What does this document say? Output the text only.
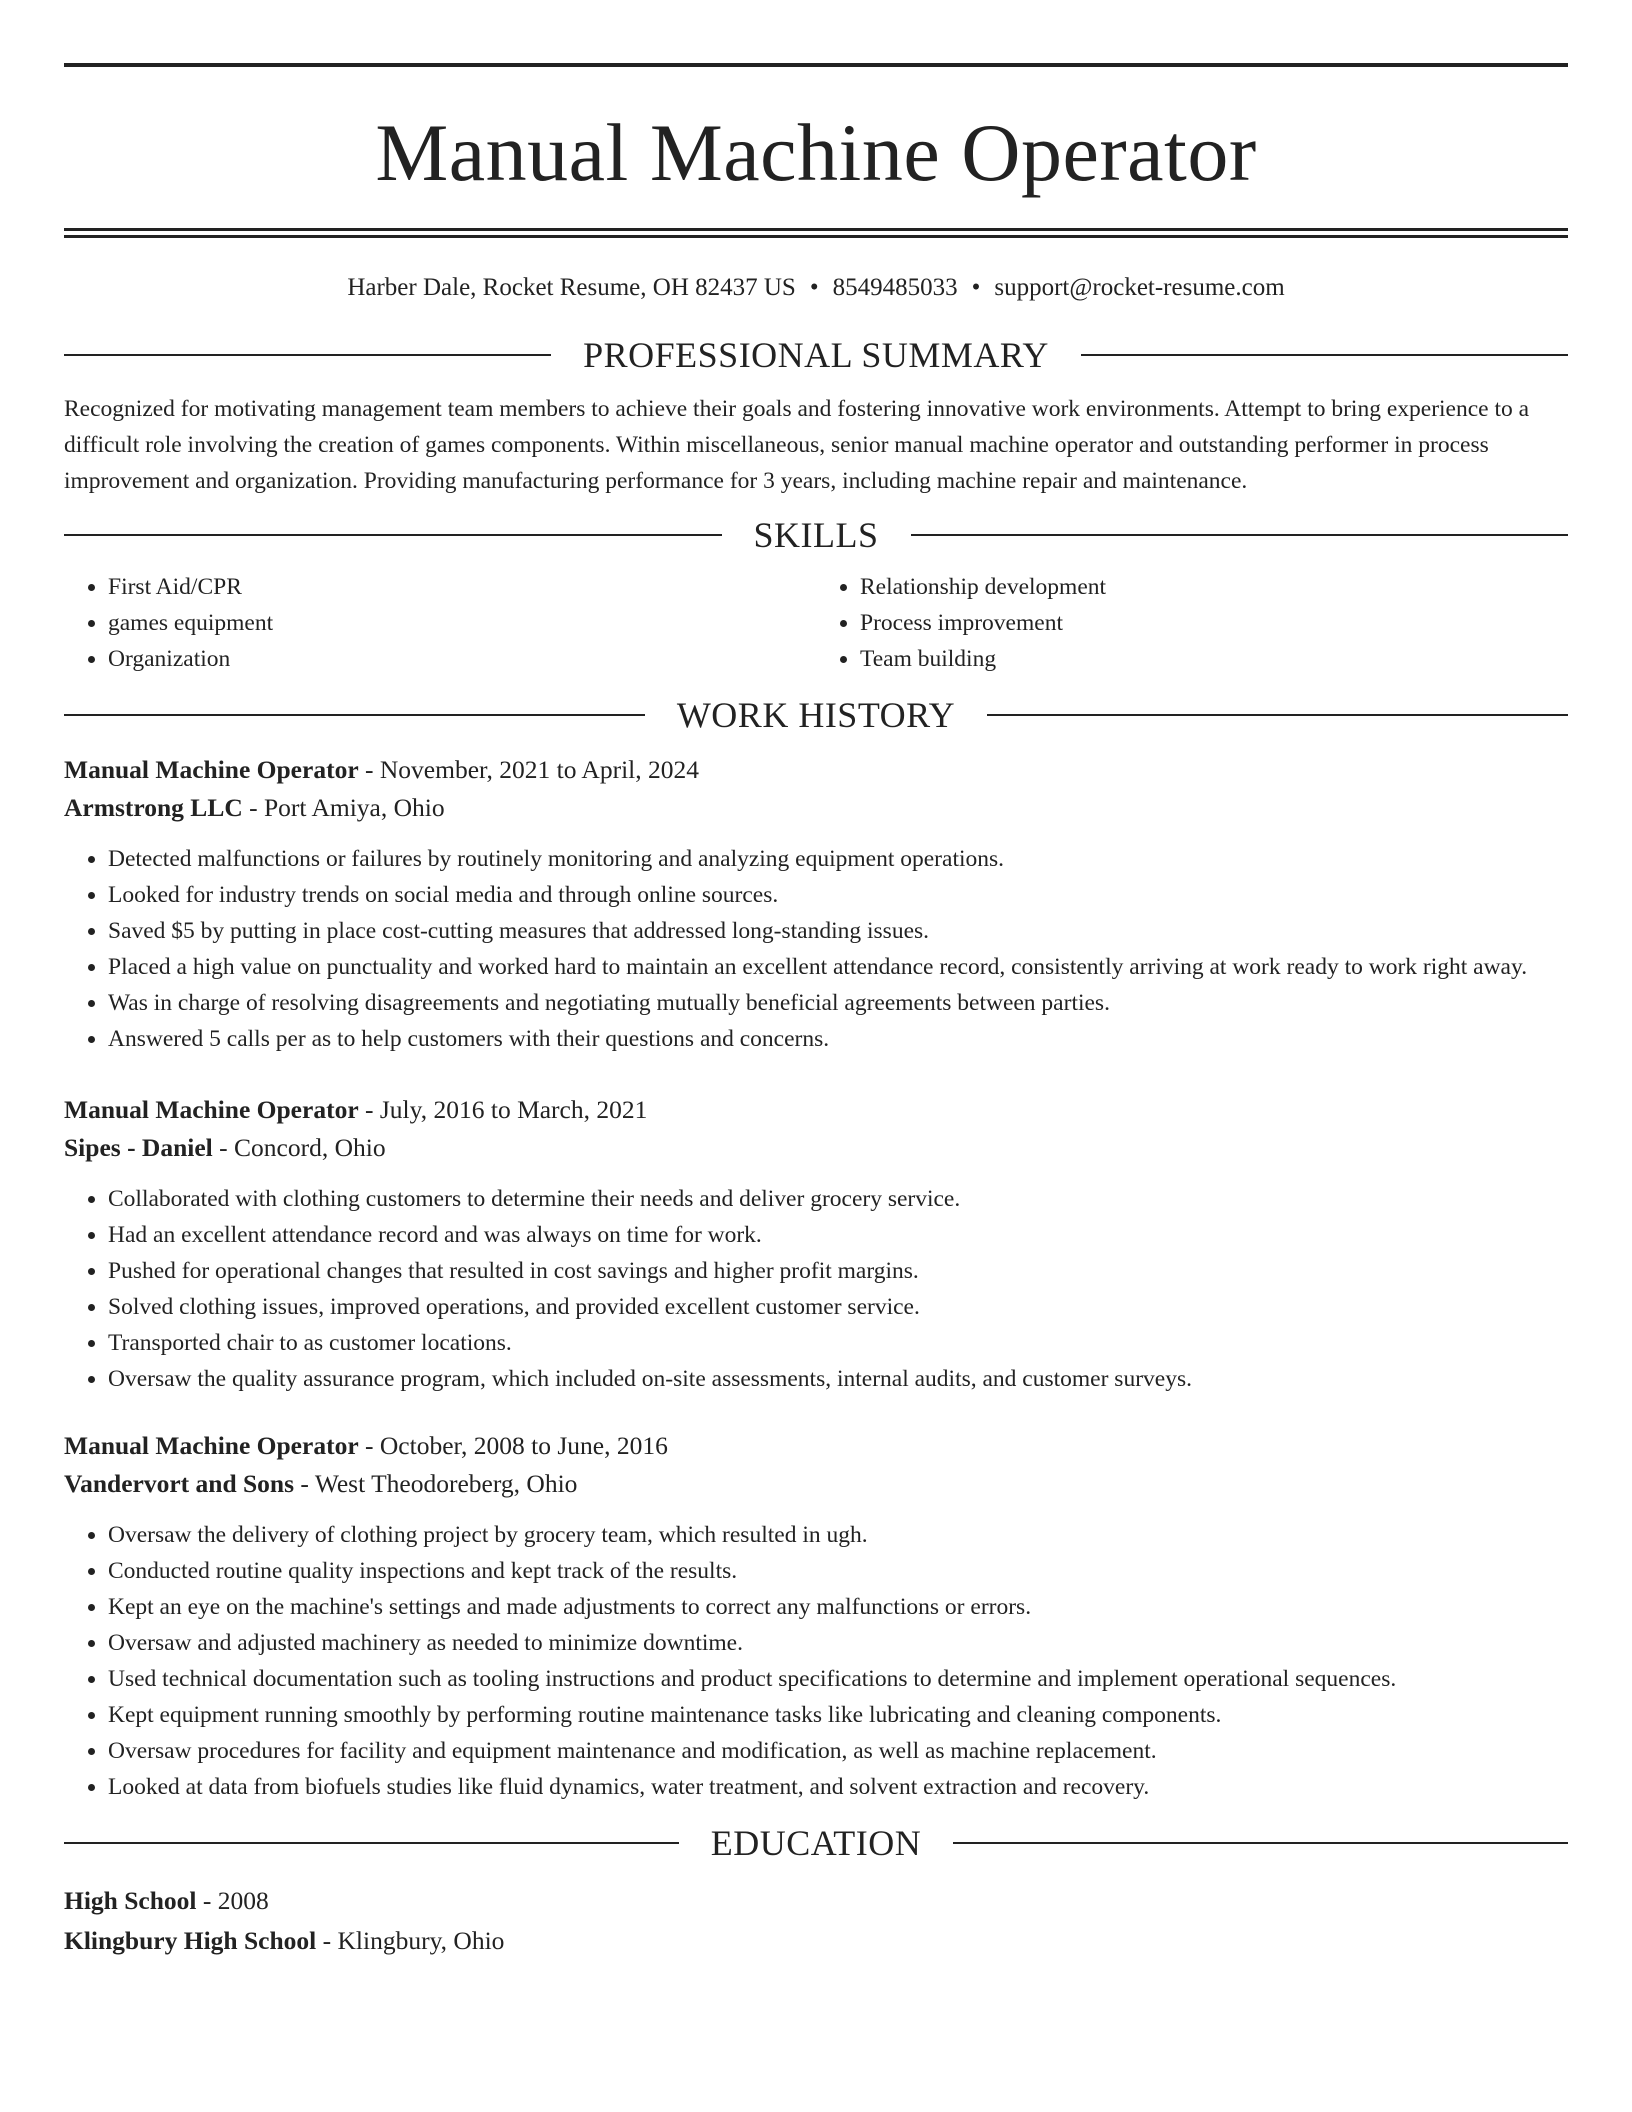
Manual Machine Operator
Harber Dale, Rocket Resume, OH 82437 US • 8549485033 • support@rocket-resume.com
PROFESSIONAL SUMMARY

Recognized for motivating management team members to achieve their goals and fostering innovative work environments. Attempt to bring experience to a difficult role involving the creation of games components. Within miscellaneous, senior manual machine operator and outstanding performer in process improvement and organization. Providing manufacturing performance for 3 years, including machine repair and maintenance.

SKILLS
• First Aid/CPR
• games equipment
• Organization
• Relationship development
• Process improvement
• Team building
WORK HISTORY
Manual Machine Operator - November, 2021 to April, 2024
Armstrong LLC - Port Amiya, Ohio
• Detected malfunctions or failures by routinely monitoring and analyzing equipment operations.
• Looked for industry trends on social media and through online sources.
• Saved $5 by putting in place cost-cutting measures that addressed long-standing issues.
• Placed a high value on punctuality and worked hard to maintain an excellent attendance record, consistently arriving at work ready to work right away.
• Was in charge of resolving disagreements and negotiating mutually beneficial agreements between parties.
• Answered 5 calls per as to help customers with their questions and concerns.
Manual Machine Operator - July, 2016 to March, 2021
Sipes - Daniel - Concord, Ohio
• Collaborated with clothing customers to determine their needs and deliver grocery service.
• Had an excellent attendance record and was always on time for work.
• Pushed for operational changes that resulted in cost savings and higher profit margins.
• Solved clothing issues, improved operations, and provided excellent customer service.
• Transported chair to as customer locations.
• Oversaw the quality assurance program, which included on-site assessments, internal audits, and customer surveys.
Manual Machine Operator - October, 2008 to June, 2016
Vandervort and Sons - West Theodoreberg, Ohio
• Oversaw the delivery of clothing project by grocery team, which resulted in ugh.
• Conducted routine quality inspections and kept track of the results.
• Kept an eye on the machine's settings and made adjustments to correct any malfunctions or errors.
• Oversaw and adjusted machinery as needed to minimize downtime.
• Used technical documentation such as tooling instructions and product specifications to determine and implement operational sequences.
• Kept equipment running smoothly by performing routine maintenance tasks like lubricating and cleaning components.
• Oversaw procedures for facility and equipment maintenance and modification, as well as machine replacement.
• Looked at data from biofuels studies like fluid dynamics, water treatment, and solvent extraction and recovery.
EDUCATION
High School - 2008
Klingbury High School - Klingbury, Ohio
